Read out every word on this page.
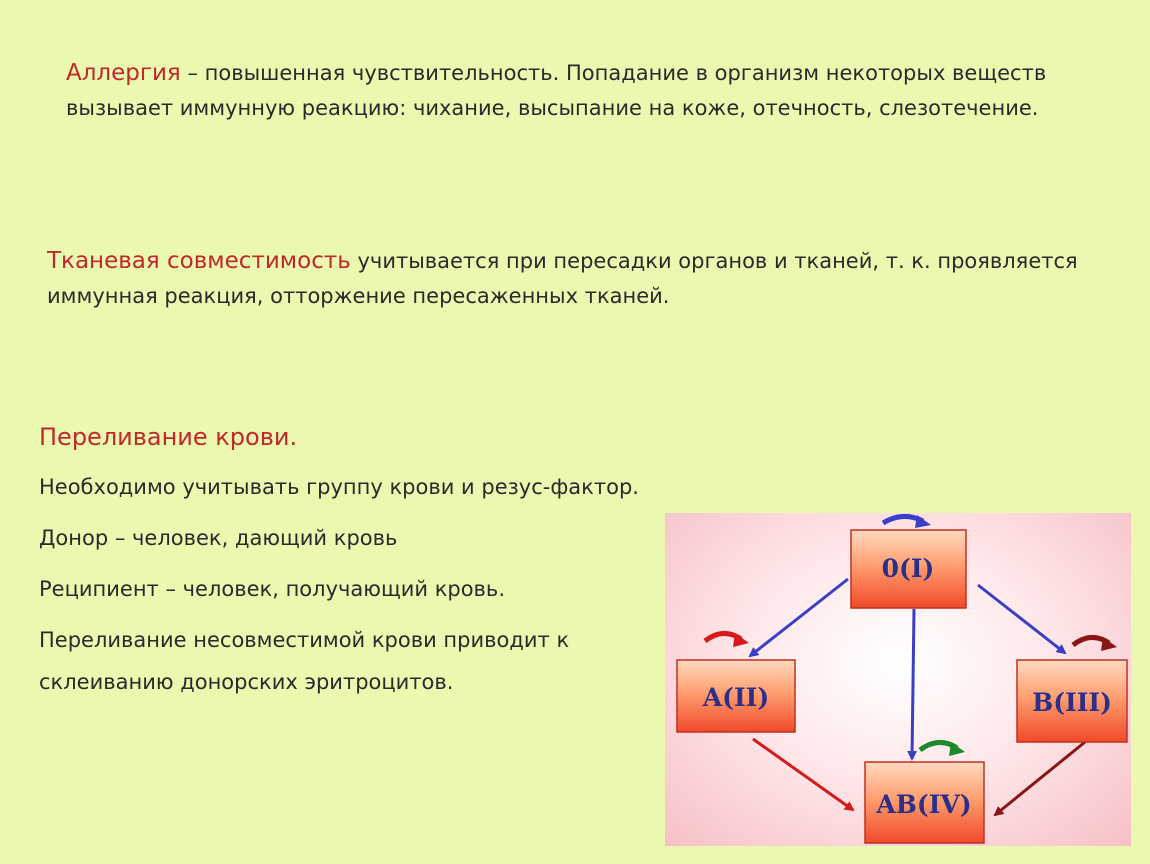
Аллергия – повышенная чувствительность. Попадание в организм некоторых веществ вызывает иммунную реакцию: чихание, высыпание на коже, отечность, слезотечение.
Тканевая совместимость учитывается при пересадки органов и тканей, т. к. проявляется иммунная реакция, отторжение пересаженных тканей.
Переливание крови.
Необходимо учитывать группу крови и резус-фактор.
Донор – человек, дающий кровь
Реципиент – человек, получающий кровь.
Переливание несовместимой крови приводит к
склеиванию донорских эритроцитов.
0(I)
A(II)	B(III)
AB(IV)
